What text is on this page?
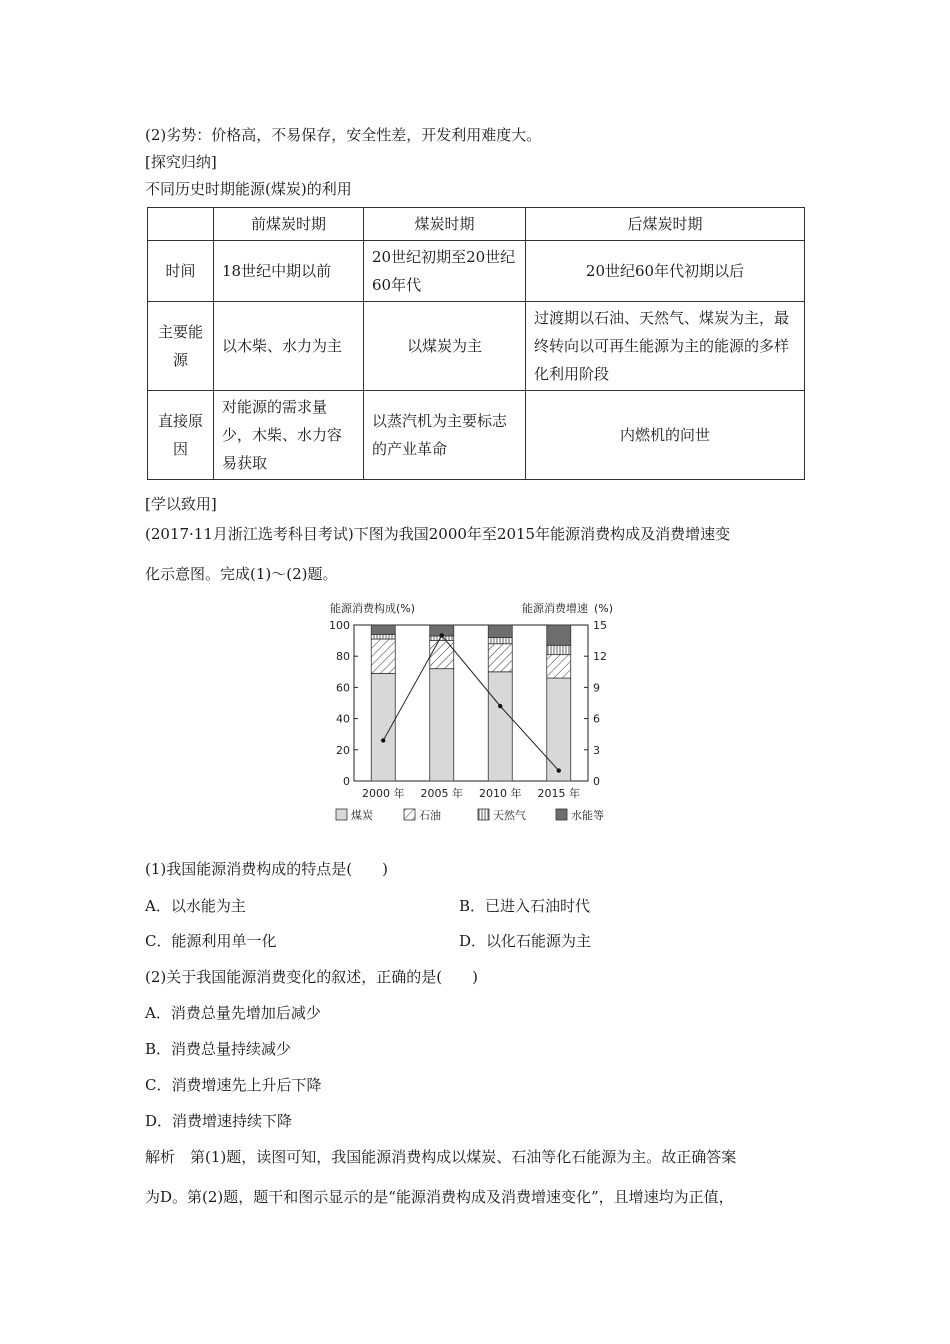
(2)劣势：价格高，不易保存，安全性差，开发利用难度大。
[探究归纳]
不同历史时期能源(煤炭)的利用
	前煤炭时期	煤炭时期	后煤炭时期
时间	18世纪中期以前	20世纪初期至20世纪60年代	20世纪60年代初期以后
主要能源	以木柴、水力为主	以煤炭为主	过渡期以石油、天然气、煤炭为主，最终转向以可再生能源为主的能源的多样化利用阶段
直接原因	对能源的需求量少，木柴、水力容易获取	以蒸汽机为主要标志的产业革命	内燃机的问世
[学以致用]
(2017·11月浙江选考科目考试)下图为我国2000年至2015年能源消费构成及消费增速变
化示意图。完成(1)～(2)题。
能源消费构成 (%)	能源消费增速 (%)
0
20
40
60
80
100
0
3
6
9
12
15
2000 年 2005 年 2010 年 2015 年
煤炭	石油	天然气	水能等
(1)我国能源消费构成的特点是(　　)
A．以水能为主	B．已进入石油时代
C．能源利用单一化	D．以化石能源为主
(2)关于我国能源消费变化的叙述，正确的是(　　)
A．消费总量先增加后减少
B．消费总量持续减少
C．消费增速先上升后下降
D．消费增速持续下降
解析　第(1)题，读图可知，我国能源消费构成以煤炭、石油等化石能源为主。故正确答案
为D。第(2)题，题干和图示显示的是“能源消费构成及消费增速变化”，且增速均为正值，
